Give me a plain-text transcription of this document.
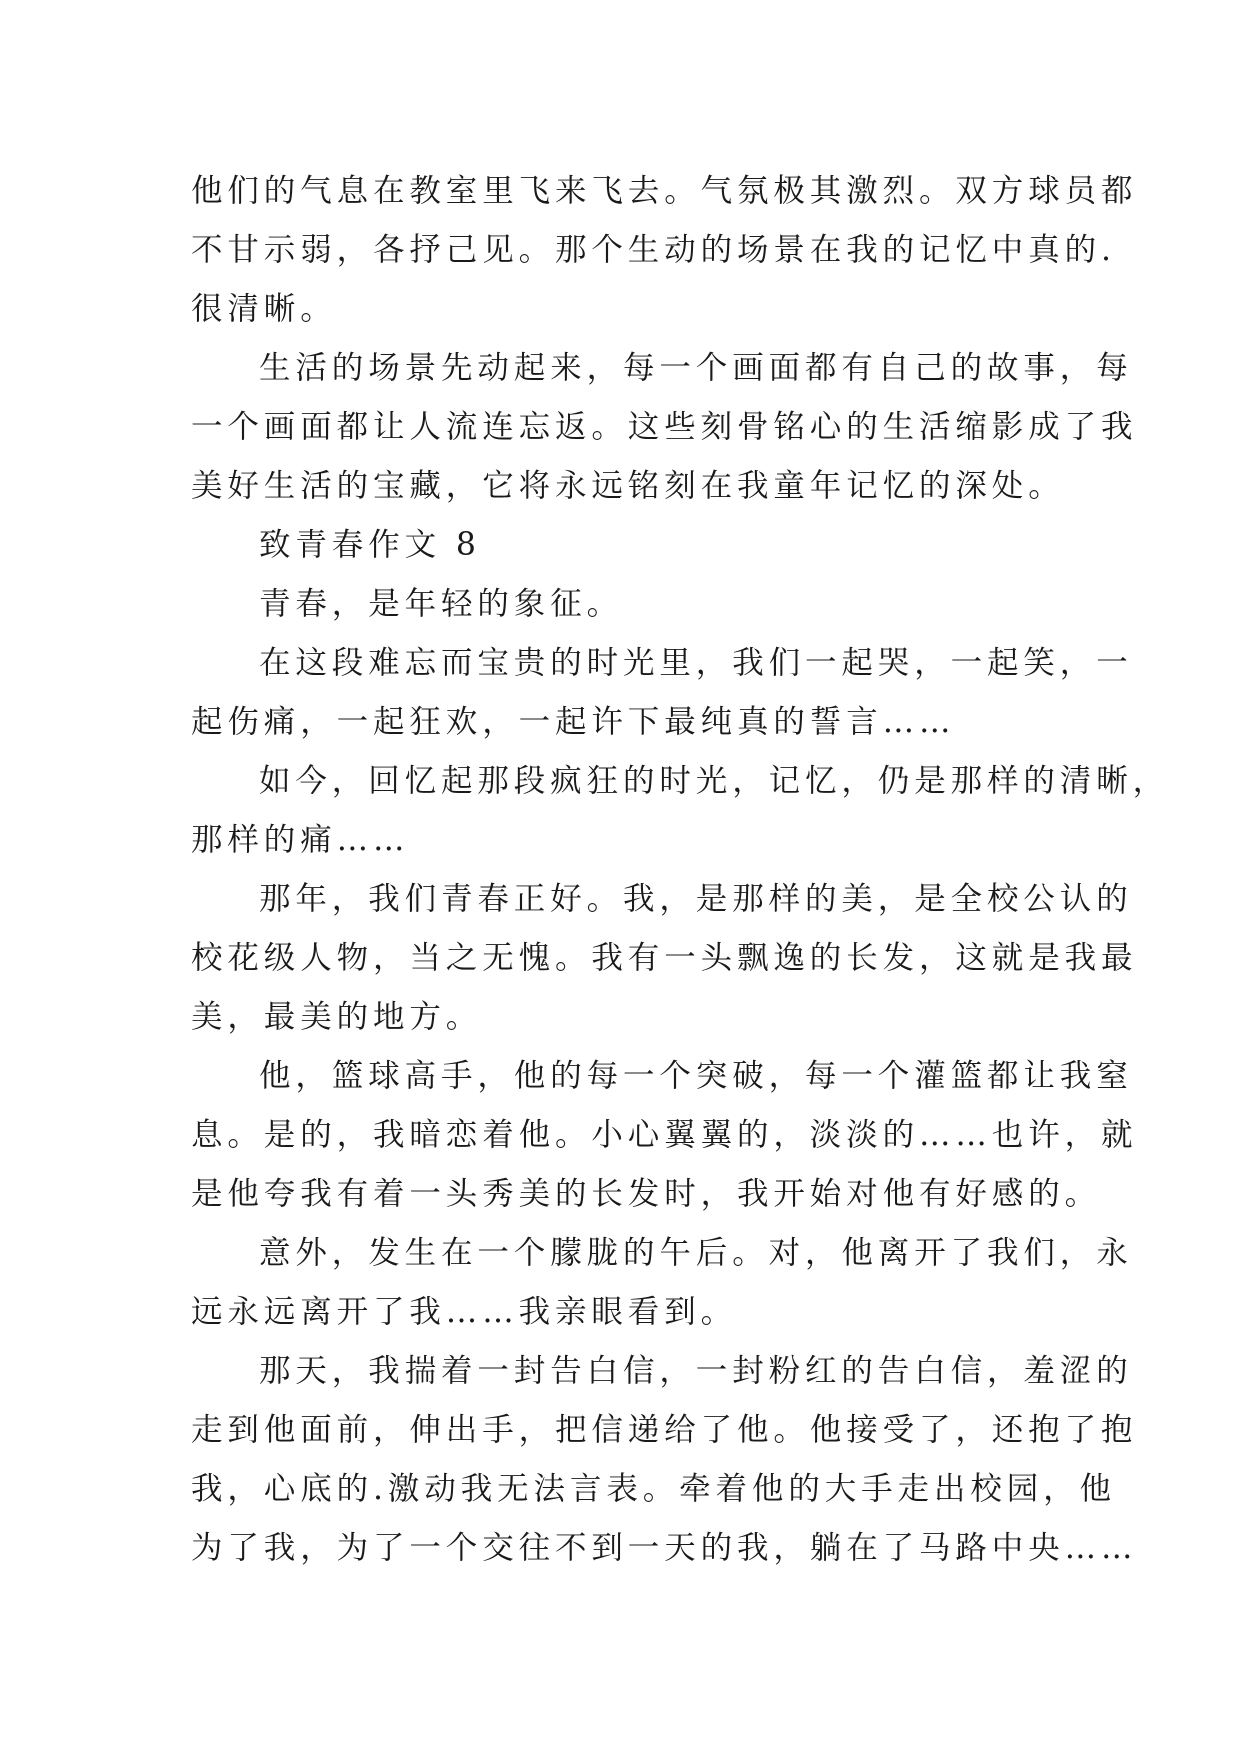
他们的气息在教室里飞来飞去。气氛极其激烈。双方球员都
不甘示弱，各抒己见。那个生动的场景在我的记忆中真的.
很清晰。
生活的场景先动起来，每一个画面都有自己的故事，每
一个画面都让人流连忘返。这些刻骨铭心的生活缩影成了我
美好生活的宝藏，它将永远铭刻在我童年记忆的深处。
致青春作文 8
青春，是年轻的象征。
在这段难忘而宝贵的时光里，我们一起哭，一起笑，一
起伤痛，一起狂欢，一起许下最纯真的誓言……
如今，回忆起那段疯狂的时光，记忆，仍是那样的清晰，
那样的痛……
那年，我们青春正好。我，是那样的美，是全校公认的
校花级人物，当之无愧。我有一头飘逸的长发，这就是我最
美，最美的地方。
他，篮球高手，他的每一个突破，每一个灌篮都让我窒
息。是的，我暗恋着他。小心翼翼的，淡淡的……也许，就
是他夸我有着一头秀美的长发时，我开始对他有好感的。
意外，发生在一个朦胧的午后。对，他离开了我们，永
远永远离开了我……我亲眼看到。
那天，我揣着一封告白信，一封粉红的告白信，羞涩的
走到他面前，伸出手，把信递给了他。他接受了，还抱了抱
我，心底的.激动我无法言表。牵着他的大手走出校园，他
为了我，为了一个交往不到一天的我，躺在了马路中央……
